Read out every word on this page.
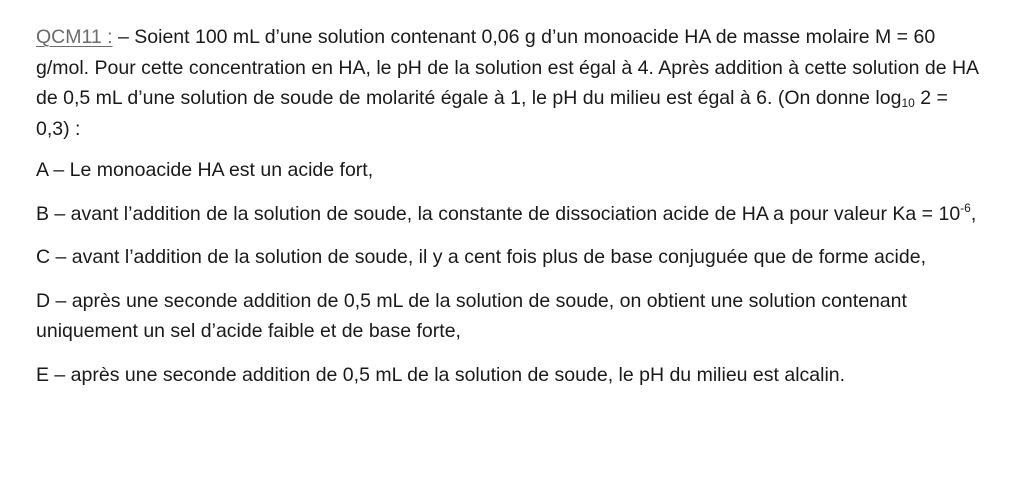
QCM11 : – Soient 100 mL d’une solution contenant 0,06 g d’un monoacide HA de masse molaire M = 60 g/mol. Pour cette concentration en HA, le pH de la solution est égal à 4. Après addition à cette solution de HA de 0,5 mL d’une solution de soude de molarité égale à 1, le pH du milieu est égal à 6. (On donne $\log_{10} 2 = 0,3$) :

A – Le monoacide HA est un acide fort,

B – avant l’addition de la solution de soude, la constante de dissociation acide de HA a pour valeur $Ka = 10^{-6}$,

C – avant l’addition de la solution de soude, il y a cent fois plus de base conjuguée que de forme acide,

D – après une seconde addition de 0,5 mL de la solution de soude, on obtient une solution contenant uniquement un sel d’acide faible et de base forte,

E – après une seconde addition de 0,5 mL de la solution de soude, le pH du milieu est alcalin.
